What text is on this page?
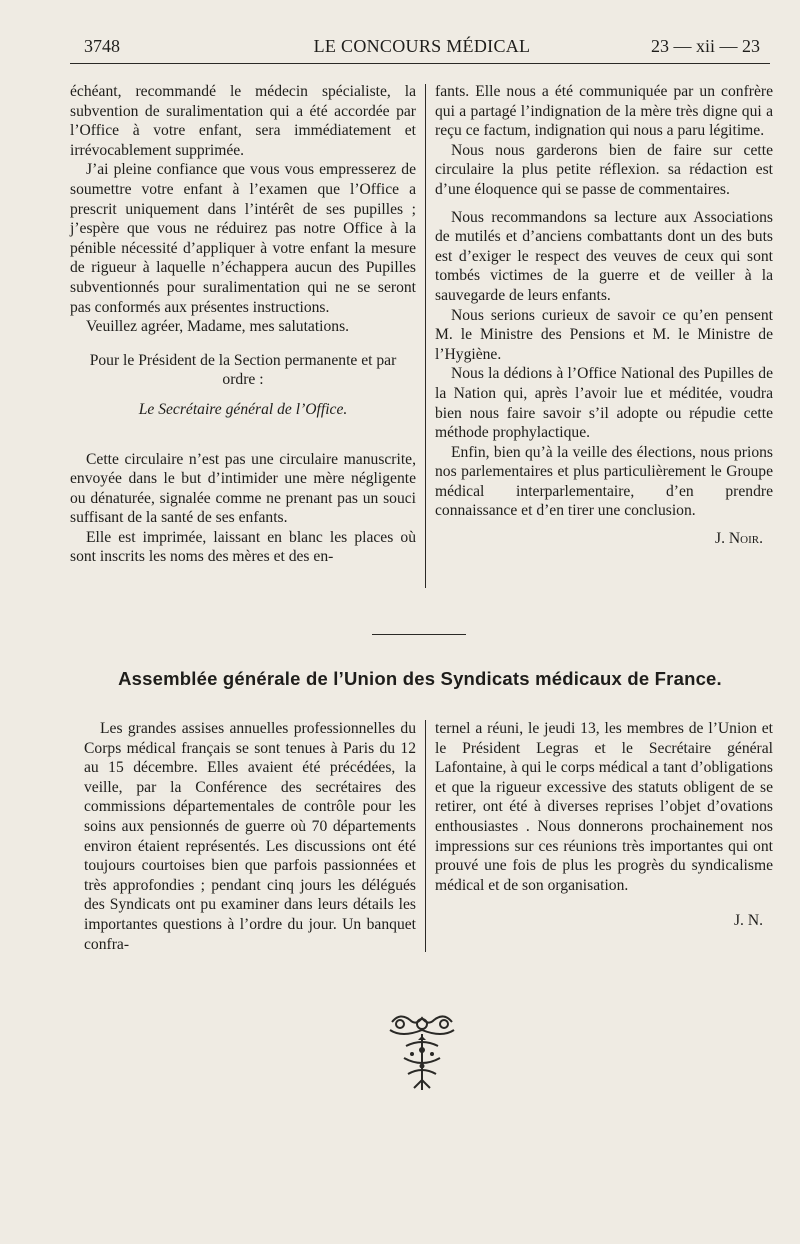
3748	LE CONCOURS MÉDICAL	23 — xii — 23

échéant, recommandé le médecin spécialiste, la subvention de suralimentation qui a été accordée par l’Office à votre enfant, sera immédiatement et irrévocablement supprimée.

J’ai pleine confiance que vous vous empresserez de soumettre votre enfant à l’examen que l’Office a prescrit uniquement dans l’intérêt de ses pupilles ; j’espère que vous ne réduirez pas notre Office à la pénible nécessité d’appliquer à votre enfant la mesure de rigueur à laquelle n’échappera aucun des Pupilles subventionnés pour suralimentation qui ne se seront pas conformés aux présentes instructions.

Veuillez agréer, Madame, mes salutations.

Pour le Président de la Section permanente et par ordre :

Le Secrétaire général de l’Office.

Cette circulaire n’est pas une circulaire manuscrite, envoyée dans le but d’intimider une mère négligente ou dénaturée, signalée comme ne prenant pas un souci suffisant de la santé de ses enfants.

Elle est imprimée, laissant en blanc les places où sont inscrits les noms des mères et des en-

fants. Elle nous a été communiquée par un confrère qui a partagé l’indignation de la mère très digne qui a reçu ce factum, indignation qui nous a paru légitime.

Nous nous garderons bien de faire sur cette circulaire la plus petite réflexion. sa rédaction est d’une éloquence qui se passe de commentaires.

Nous recommandons sa lecture aux Associations de mutilés et d’anciens combattants dont un des buts est d’exiger le respect des veuves de ceux qui sont tombés victimes de la guerre et de veiller à la sauvegarde de leurs enfants.

Nous serions curieux de savoir ce qu’en pensent M. le Ministre des Pensions et M. le Ministre de l’Hygiène.

Nous la dédions à l’Office National des Pupilles de la Nation qui, après l’avoir lue et méditée, voudra bien nous faire savoir s’il adopte ou répudie cette méthode prophylactique.

Enfin, bien qu’à la veille des élections, nous prions nos parlementaires et plus particulièrement le Groupe médical interparlementaire, d’en prendre connaissance et d’en tirer une conclusion.

J. Noir.

Assemblée générale de l’Union des Syndicats médicaux de France.

Les grandes assises annuelles professionnelles du Corps médical français se sont tenues à Paris du 12 au 15 décembre. Elles avaient été précédées, la veille, par la Conférence des secrétaires des commissions départementales de contrôle pour les soins aux pensionnés de guerre où 70 départements environ étaient représentés. Les discussions ont été toujours courtoises bien que parfois passionnées et très approfondies ; pendant cinq jours les délégués des Syndicats ont pu examiner dans leurs détails les importantes questions à l’ordre du jour. Un banquet confra-

ternel a réuni, le jeudi 13, les membres de l’Union et le Président Legras et le Secrétaire général Lafontaine, à qui le corps médical a tant d’obligations et que la rigueur excessive des statuts obligent de se retirer, ont été à diverses reprises l’objet d’ovations enthousiastes . Nous donnerons prochainement nos impressions sur ces réunions très importantes qui ont prouvé une fois de plus les progrès du syndicalisme médical et de son organisation.

J. N.
